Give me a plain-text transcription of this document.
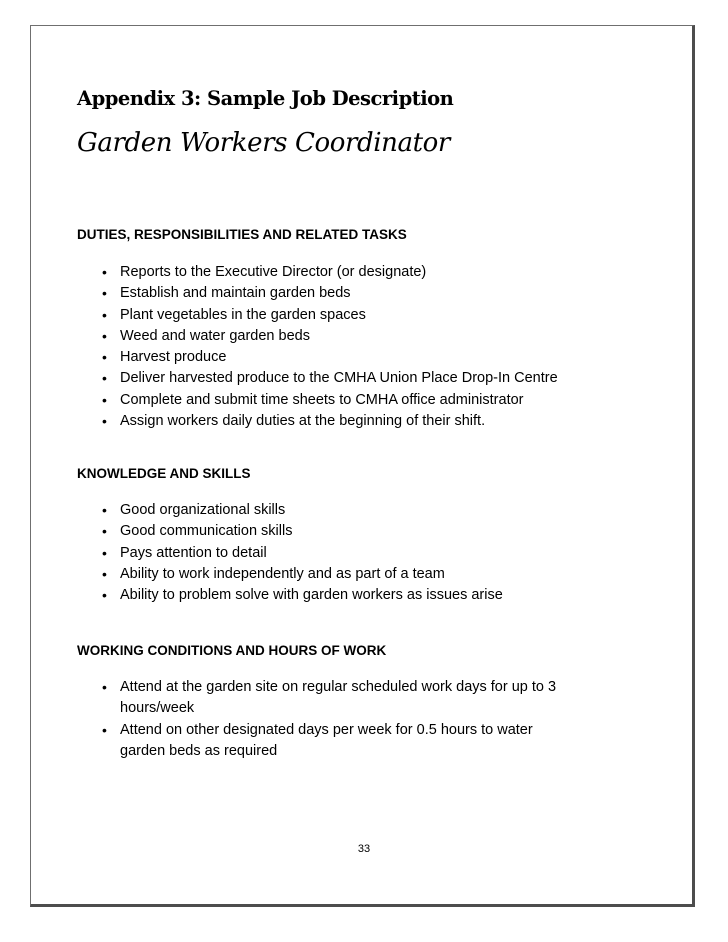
Appendix 3: Sample Job Description
Garden Workers Coordinator
DUTIES, RESPONSIBILITIES AND RELATED TASKS
• Reports to the Executive Director (or designate)
• Establish and maintain garden beds
• Plant vegetables in the garden spaces
• Weed and water garden beds
• Harvest produce
• Deliver harvested produce to the CMHA Union Place Drop-In Centre
• Complete and submit time sheets to CMHA office administrator
• Assign workers daily duties at the beginning of their shift.
KNOWLEDGE AND SKILLS
• Good organizational skills
• Good communication skills
• Pays attention to detail
• Ability to work independently and as part of a team
• Ability to problem solve with garden workers as issues arise
WORKING CONDITIONS AND HOURS OF WORK
• Attend at the garden site on regular scheduled work days for up to 3 hours/week
• Attend on other designated days per week for 0.5 hours to water garden beds as required
33
